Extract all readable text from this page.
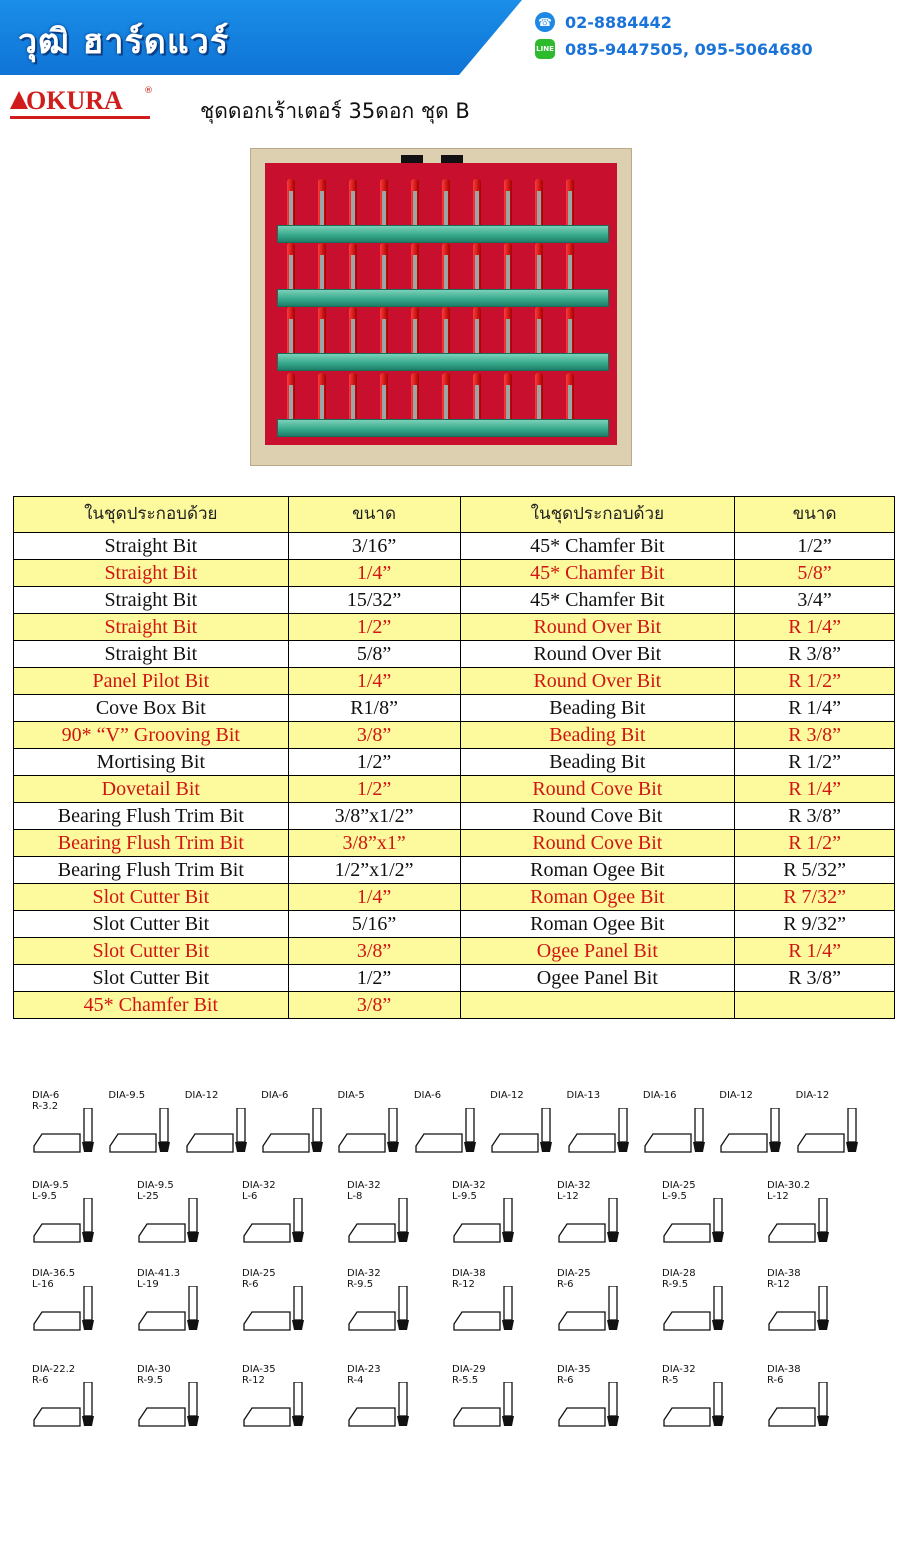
วุฒิ ฮาร์ดแวร์	☎ 02-8884442
LINE 085-9447505, 095-5064680
OKURA ®
ชุดดอกเร้าเตอร์ 35ดอก ชุด B
ในชุดประกอบด้วย	ขนาด	ในชุดประกอบด้วย	ขนาด
Straight Bit	3/16”	45* Chamfer Bit	1/2”
Straight Bit	1/4”	45* Chamfer Bit	5/8”
Straight Bit	15/32”	45* Chamfer Bit	3/4”
Straight Bit	1/2”	Round Over Bit	R 1/4”
Straight Bit	5/8”	Round Over Bit	R 3/8”
Panel Pilot Bit	1/4”	Round Over Bit	R 1/2”
Cove Box Bit	R1/8”	Beading Bit	R 1/4”
90* “V” Grooving Bit	3/8”	Beading Bit	R 3/8”
Mortising Bit	1/2”	Beading Bit	R 1/2”
Dovetail Bit	1/2”	Round Cove Bit	R 1/4”
Bearing Flush Trim Bit	3/8”x1/2”	Round Cove Bit	R 3/8”
Bearing Flush Trim Bit	3/8”x1”	Round Cove Bit	R 1/2”
Bearing Flush Trim Bit	1/2”x1/2”	Roman Ogee Bit	R 5/32”
Slot Cutter Bit	1/4”	Roman Ogee Bit	R 7/32”
Slot Cutter Bit	5/16”	Roman Ogee Bit	R 9/32”
Slot Cutter Bit	3/8”	Ogee Panel Bit	R 1/4”
Slot Cutter Bit	1/2”	Ogee Panel Bit	R 3/8”
45* Chamfer Bit	3/8”		
DIA-6
R-3.2
DIA-9.5	DIA-12	DIA-6	DIA-5	DIA-6	DIA-12	DIA-13	DIA-16	DIA-12	DIA-12
DIA-9.5
L-9.5
DIA-9.5
L-25
DIA-32
L-6
DIA-32
L-8
DIA-32
L-9.5
DIA-32
L-12
DIA-25
L-9.5
DIA-30.2
L-12
DIA-36.5
L-16
DIA-41.3
L-19
DIA-25
R-6
DIA-32
R-9.5
DIA-38
R-12
DIA-25
R-6
DIA-28
R-9.5
DIA-38
R-12
DIA-22.2
R-6
DIA-30
R-9.5
DIA-35
R-12
DIA-23
R-4
DIA-29
R-5.5
DIA-35
R-6
DIA-32
R-5
DIA-38
R-6
